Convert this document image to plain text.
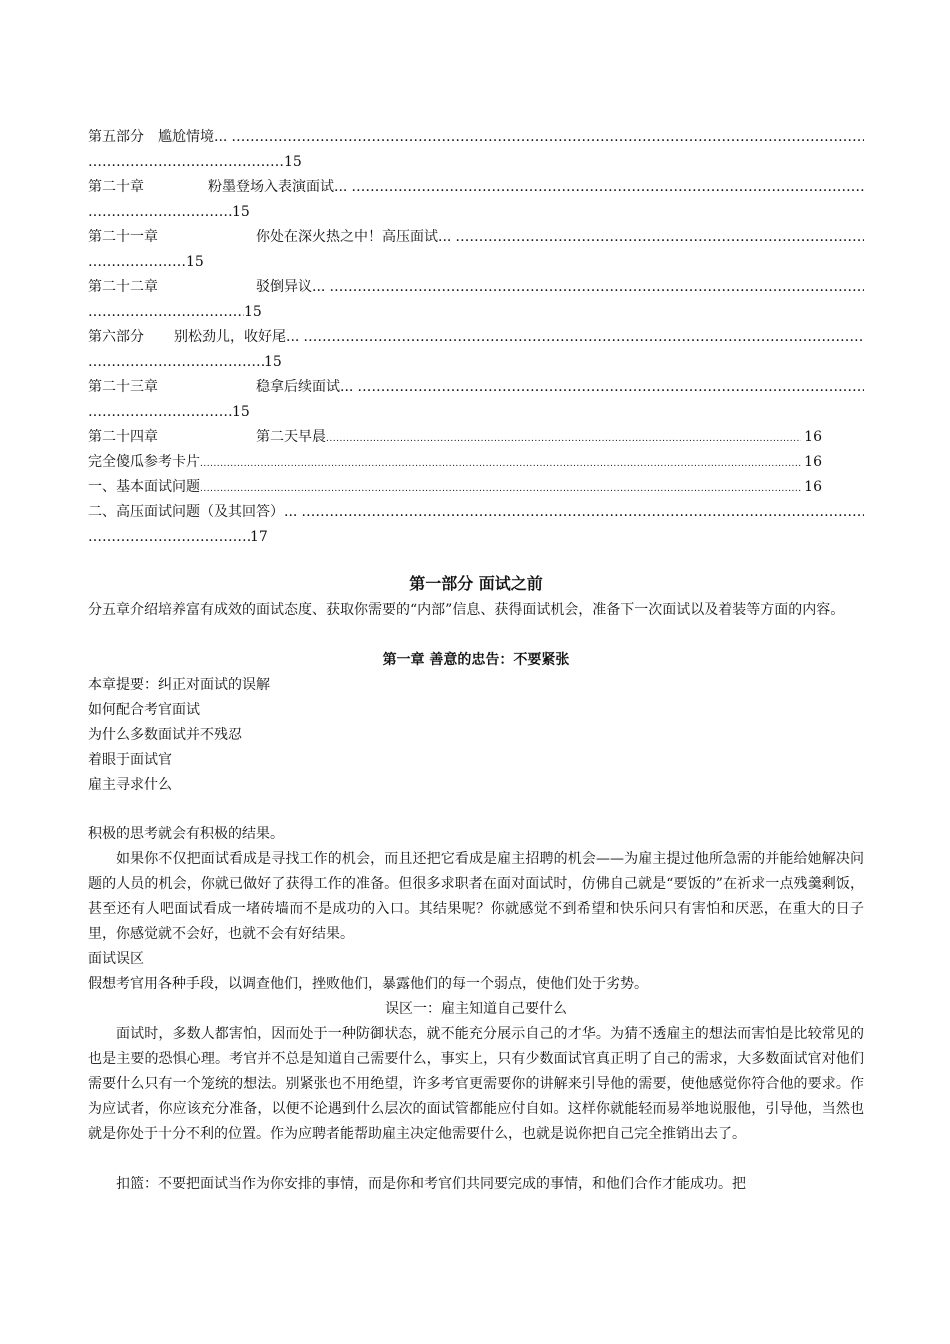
第五部分	尴尬情境...
…………………………………………………………………………………………………………………………………………………………………………………………………………………………………………………………
…………………………………………………………………………………………………………………………………15
第二十章	粉墨登场入表演面试...
…………………………………………………………………………………………………………………………………………………………………………………………………………………………………………………………
…………………………………………………………………………………………………………………………………15
第二十一章	你处在深火热之中！高压面试...
…………………………………………………………………………………………………………………………………………………………………………………………………………………………………………………………
…………………………………………………………………………………………………………………………………15
第二十二章	驳倒异议...
…………………………………………………………………………………………………………………………………………………………………………………………………………………………………………………………
…………………………………………………………………………………………………………………………………15
第六部分	别松劲儿，收好尾...
…………………………………………………………………………………………………………………………………………………………………………………………………………………………………………………………
…………………………………………………………………………………………………………………………………15
第二十三章	稳拿后续面试...
…………………………………………………………………………………………………………………………………………………………………………………………………………………………………………………………
…………………………………………………………………………………………………………………………………15
第二十四章	第二天早晨 .....	16
完全傻瓜参考卡片 .....	16
一、基本面试问题 .....	16
二、高压面试问题（及其回答）...
…………………………………………………………………………………………………………………………………………………………………………………………………………………………………………………………
…………………………………………………………………………………………………………………………………17
第一部分 面试之前
分五章介绍培养富有成效的面试态度、获取你需要的“内部”信息、获得面试机会，准备下一次面试以及着装等方面的内容。
第一章 善意的忠告：不要紧张
本章提要：纠正对面试的误解
如何配合考官面试
为什么多数面试并不残忍
着眼于面试官
雇主寻求什么

积极的思考就会有积极的结果。

如果你不仅把面试看成是寻找工作的机会，而且还把它看成是雇主招聘的机会——为雇主提过他所急需的并能给她解决问题的人员的机会，你就已做好了获得工作的准备。但很多求职者在面对面试时，仿佛自己就是“要饭的”在祈求一点残羹剩饭，甚至还有人吧面试看成一堵砖墙而不是成功的入口。其结果呢？你就感觉不到希望和快乐问只有害怕和厌恶，在重大的日子里，你感觉就不会好，也就不会有好结果。

面试误区

假想考官用各种手段，以调查他们，挫败他们，暴露他们的每一个弱点，使他们处于劣势。

误区一：雇主知道自己要什么

面试时，多数人都害怕，因而处于一种防御状态，就不能充分展示自己的才华。为猜不透雇主的想法而害怕是比较常见的也是主要的恐惧心理。考官并不总是知道自己需要什么，事实上，只有少数面试官真正明了自己的需求，大多数面试官对他们需要什么只有一个笼统的想法。别紧张也不用绝望，许多考官更需要你的讲解来引导他的需要，使他感觉你符合他的要求。作为应试者，你应该充分准备，以便不论遇到什么层次的面试管都能应付自如。这样你就能轻而易举地说服他，引导他，当然也就是你处于十分不利的位置。作为应聘者能帮助雇主决定他需要什么，也就是说你把自己完全推销出去了。

扣篮：不要把面试当作为你安排的事情，而是你和考官们共同要完成的事情，和他们合作才能成功。把
